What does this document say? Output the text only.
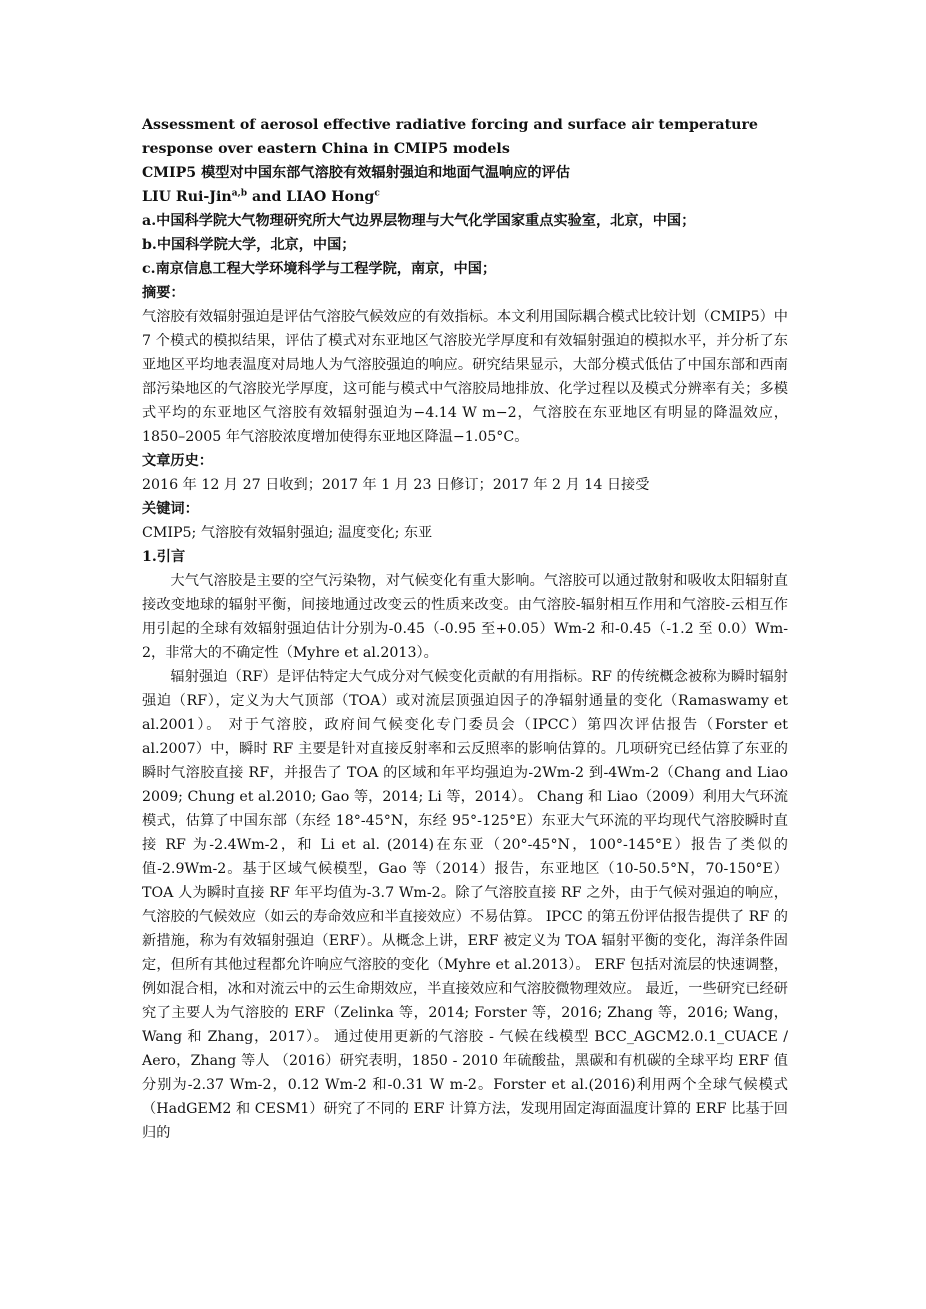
Assessment of aerosol effective radiative forcing and surface air temperature response over eastern China in CMIP5 models

CMIP5 模型对中国东部气溶胶有效辐射强迫和地面气温响应的评估

LIU Rui-Jin$^{a,b}$ and LIAO Hong$^c$

a.中国科学院大气物理研究所大气边界层物理与大气化学国家重点实验室，北京，中国；

b.中国科学院大学，北京，中国；

c.南京信息工程大学环境科学与工程学院，南京，中国；

摘要：

气溶胶有效辐射强迫是评估气溶胶气候效应的有效指标。本文利用国际耦合模式比较计划（CMIP5）中 7 个模式的模拟结果，评估了模式对东亚地区气溶胶光学厚度和有效辐射强迫的模拟水平，并分析了东亚地区平均地表温度对局地人为气溶胶强迫的响应。研究结果显示，大部分模式低估了中国东部和西南部污染地区的气溶胶光学厚度，这可能与模式中气溶胶局地排放、化学过程以及模式分辨率有关；多模式平均的东亚地区气溶胶有效辐射强迫为−4.14 W m−2，气溶胶在东亚地区有明显的降温效应，1850–2005 年气溶胶浓度增加使得东亚地区降温−1.05°C。

文章历史：

2016 年 12 月 27 日收到；2017 年 1 月 23 日修订；2017 年 2 月 14 日接受

关键词：

CMIP5; 气溶胶有效辐射强迫; 温度变化; 东亚

1.引言

大气气溶胶是主要的空气污染物，对气候变化有重大影响。气溶胶可以通过散射和吸收太阳辐射直接改变地球的辐射平衡，间接地通过改变云的性质来改变。由气溶胶-辐射相互作用和气溶胶-云相互作用引起的全球有效辐射强迫估计分别为-0.45（-0.95 至+0.05）Wm-2 和-0.45（-1.2 至 0.0）Wm-2，非常大的不确定性（Myhre et al.2013）。

辐射强迫（RF）是评估特定大气成分对气候变化贡献的有用指标。RF 的传统概念被称为瞬时辐射强迫（RF），定义为大气顶部（TOA）或对流层顶强迫因子的净辐射通量的变化（Ramaswamy et al.2001）。 对于气溶胶，政府间气候变化专门委员会（IPCC）第四次评估报告（Forster et al.2007）中，瞬时 RF 主要是针对直接反射率和云反照率的影响估算的。几项研究已经估算了东亚的瞬时气溶胶直接 RF，并报告了 TOA 的区域和年平均强迫为-2Wm-2 到-4Wm-2（Chang and Liao 2009; Chung et al.2010; Gao 等，2014; Li 等，2014）。 Chang 和 Liao（2009）利用大气环流模式，估算了中国东部（东经 18°-45°N，东经 95°-125°E）东亚大气环流的平均现代气溶胶瞬时直接 RF 为-2.4Wm-2，和 Li et al. (2014)在东亚（20°-45°N，100°-145°E）报告了类似的值-2.9Wm-2。基于区域气候模型，Gao 等（2014）报告，东亚地区（10-50.5°N，70-150°E）TOA 人为瞬时直接 RF 年平均值为-3.7 Wm-2。除了气溶胶直接 RF 之外，由于气候对强迫的响应，气溶胶的气候效应（如云的寿命效应和半直接效应）不易估算。 IPCC 的第五份评估报告提供了 RF 的新措施，称为有效辐射强迫（ERF）。从概念上讲，ERF 被定义为 TOA 辐射平衡的变化，海洋条件固定，但所有其他过程都允许响应气溶胶的变化（Myhre et al.2013）。 ERF 包括对流层的快速调整，例如混合相，冰和对流云中的云生命期效应，半直接效应和气溶胶微物理效应。 最近，一些研究已经研究了主要人为气溶胶的 ERF（Zelinka 等，2014; Forster 等，2016; Zhang 等，2016; Wang，Wang 和 Zhang，2017）。 通过使用更新的气溶胶 - 气候在线模型 BCC_AGCM2.0.1_CUACE / Aero，Zhang 等人 （2016）研究表明，1850 - 2010 年硫酸盐，黑碳和有机碳的全球平均 ERF 值分别为-2.37 Wm-2，0.12 Wm-2 和-0.31 W m-2。Forster et al.(2016)利用两个全球气候模式（HadGEM2 和 CESM1）研究了不同的 ERF 计算方法，发现用固定海面温度计算的 ERF 比基于回归的
